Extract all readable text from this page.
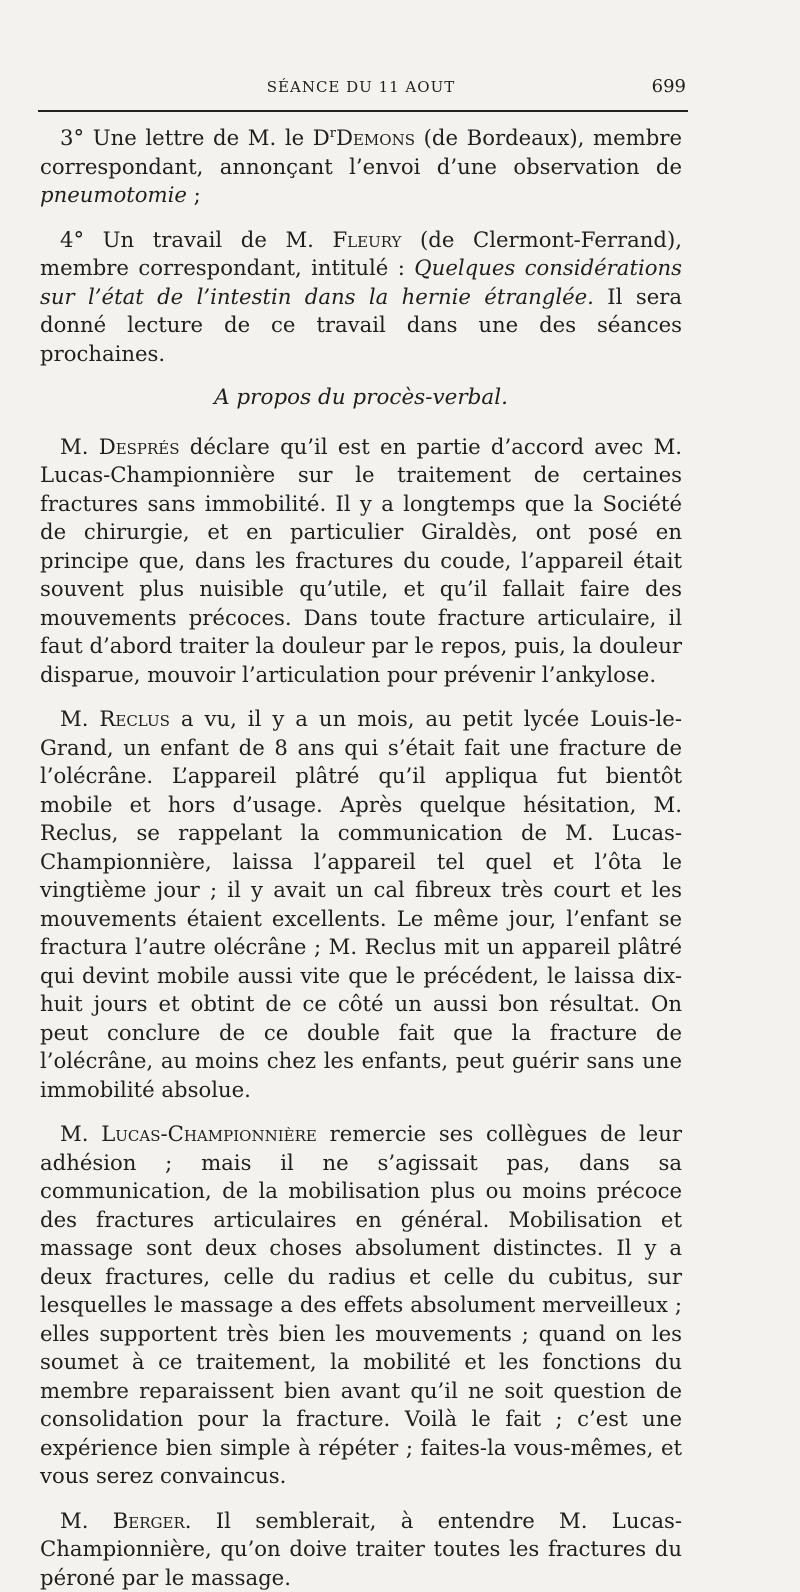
SÉANCE DU 11 AOUT	699

3° Une lettre de M. le $D^rDemons$ (de Bordeaux), membre correspondant, annonçant l’envoi d’une observation de pneumotomie ;

4° Un travail de M. Fleury (de Clermont-Ferrand), membre correspondant, intitulé : Quelques considérations sur l’état de l’intestin dans la hernie étranglée. Il sera donné lecture de ce travail dans une des séances prochaines.

A propos du procès-verbal.

M. Després déclare qu’il est en partie d’accord avec M. Lucas-Championnière sur le traitement de certaines fractures sans immobilité. Il y a longtemps que la Société de chirurgie, et en particulier Giraldès, ont posé en principe que, dans les fractures du coude, l’appareil était souvent plus nuisible qu’utile, et qu’il fallait faire des mouvements précoces. Dans toute fracture articulaire, il faut d’abord traiter la douleur par le repos, puis, la douleur disparue, mouvoir l’articulation pour prévenir l’ankylose.

M. Reclus a vu, il y a un mois, au petit lycée Louis-le-Grand, un enfant de 8 ans qui s’était fait une fracture de l’olécrâne. L’appareil plâtré qu’il appliqua fut bientôt mobile et hors d’usage. Après quelque hésitation, M. Reclus, se rappelant la communication de M. Lucas-Championnière, laissa l’appareil tel quel et l’ôta le vingtième jour ; il y avait un cal fibreux très court et les mouvements étaient excellents. Le même jour, l’enfant se fractura l’autre olécrâne ; M. Reclus mit un appareil plâtré qui devint mobile aussi vite que le précédent, le laissa dix-huit jours et obtint de ce côté un aussi bon résultat. On peut conclure de ce double fait que la fracture de l’olécrâne, au moins chez les enfants, peut guérir sans une immobilité absolue.

M. Lucas-Championnière remercie ses collègues de leur adhésion ; mais il ne s’agissait pas, dans sa communication, de la mobilisation plus ou moins précoce des fractures articulaires en général. Mobilisation et massage sont deux choses absolument distinctes. Il y a deux fractures, celle du radius et celle du cubitus, sur lesquelles le massage a des effets absolument merveilleux ; elles supportent très bien les mouvements ; quand on les soumet à ce traitement, la mobilité et les fonctions du membre reparaissent bien avant qu’il ne soit question de consolidation pour la fracture. Voilà le fait ; c’est une expérience bien simple à répéter ; faites-la vous-mêmes, et vous serez convaincus.

M. Berger. Il semblerait, à entendre M. Lucas-Championnière, qu’on doive traiter toutes les fractures du péroné par le massage.
